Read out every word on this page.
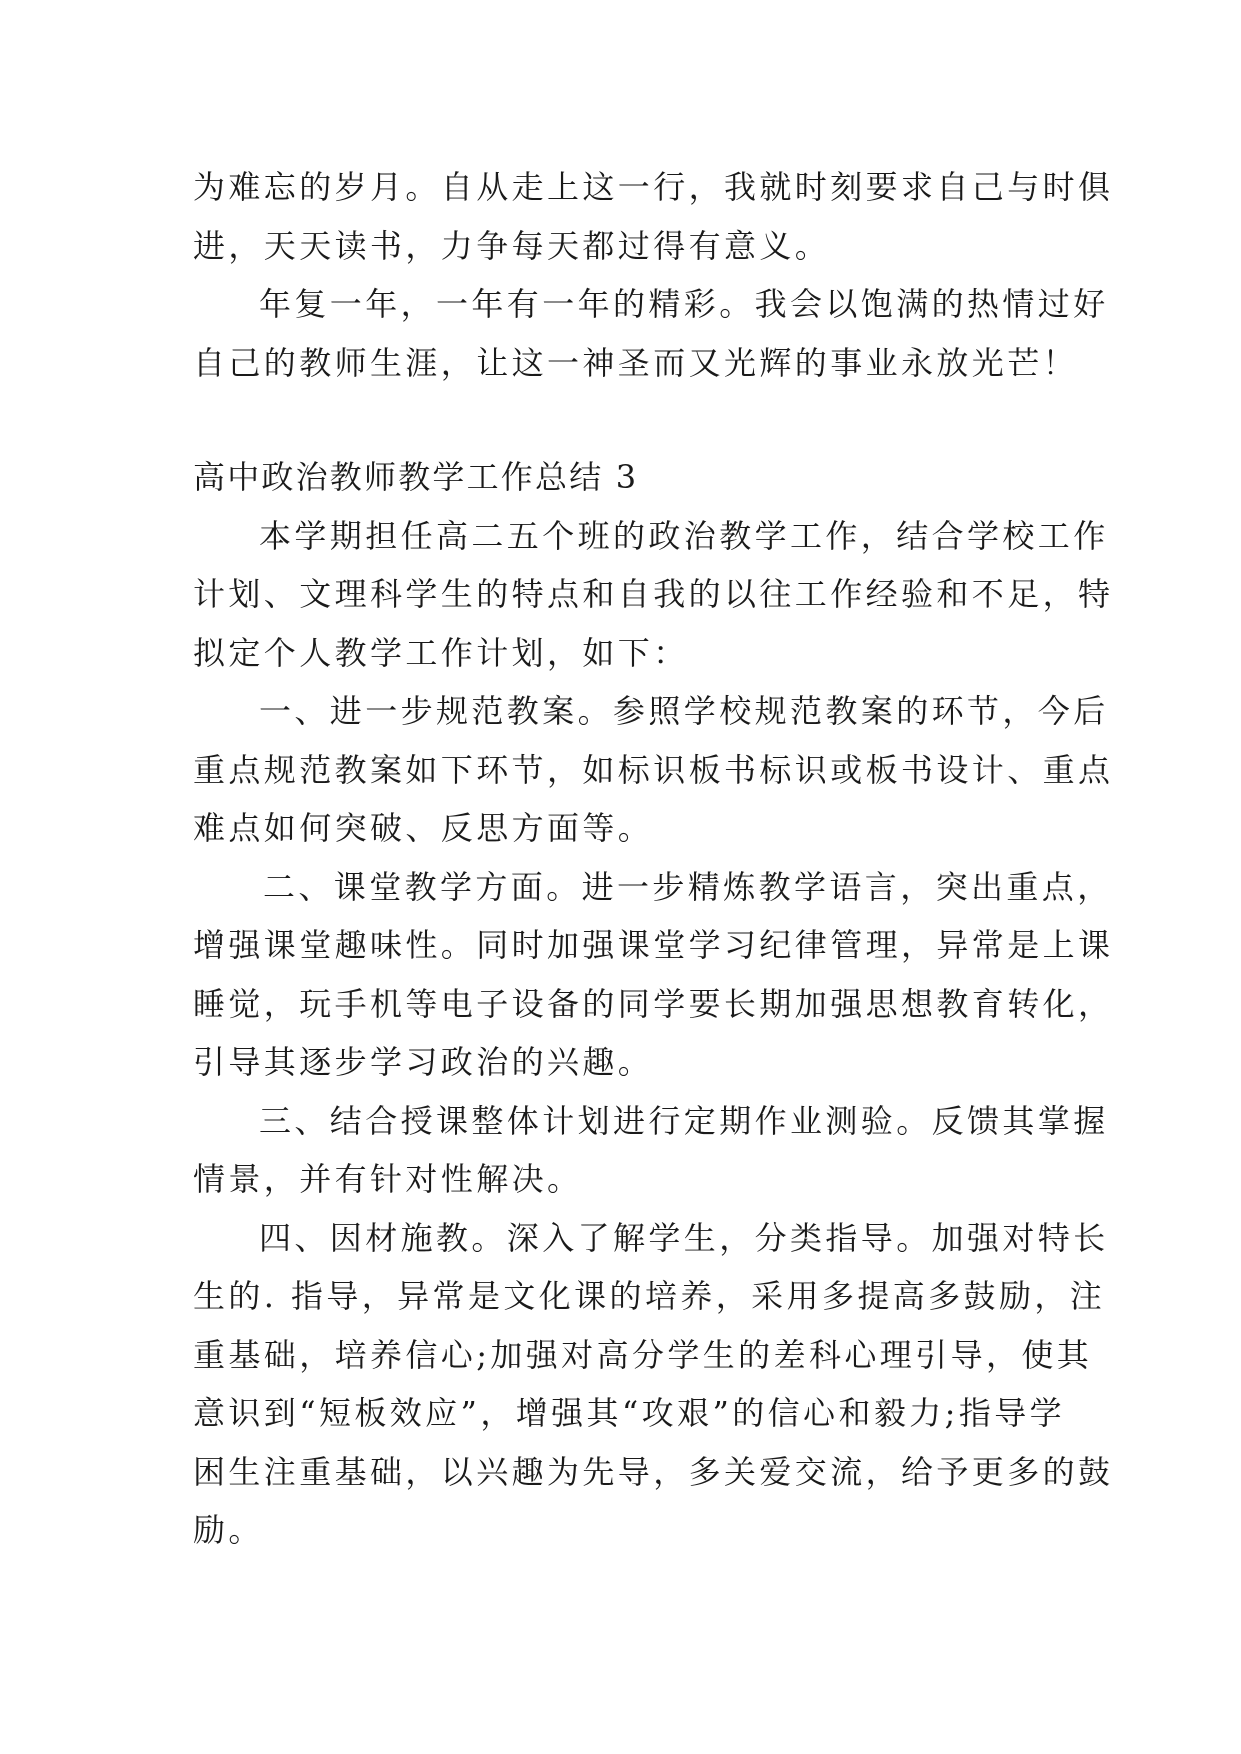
为难忘的岁月。自从走上这一行，我就时刻要求自己与时俱
进，天天读书，力争每天都过得有意义。
年复一年，一年有一年的精彩。我会以饱满的热情过好
自己的教师生涯，让这一神圣而又光辉的事业永放光芒！
高中政治教师教学工作总结 3
本学期担任高二五个班的政治教学工作，结合学校工作
计划、文理科学生的特点和自我的以往工作经验和不足，特
拟定个人教学工作计划，如下：
一、进一步规范教案。参照学校规范教案的环节，今后
重点规范教案如下环节，如标识板书标识或板书设计、重点
难点如何突破、反思方面等。
二、课堂教学方面。进一步精炼教学语言，突出重点，
增强课堂趣味性。同时加强课堂学习纪律管理，异常是上课
睡觉，玩手机等电子设备的同学要长期加强思想教育转化，
引导其逐步学习政治的兴趣。
三、结合授课整体计划进行定期作业测验。反馈其掌握
情景，并有针对性解决。
四、因材施教。深入了解学生，分类指导。加强对特长
生的. 指导，异常是文化课的培养，采用多提高多鼓励，注
重基础，培养信心;加强对高分学生的差科心理引导，使其
意识到“短板效应”，增强其“攻艰”的信心和毅力;指导学
困生注重基础，以兴趣为先导，多关爱交流，给予更多的鼓
励。
